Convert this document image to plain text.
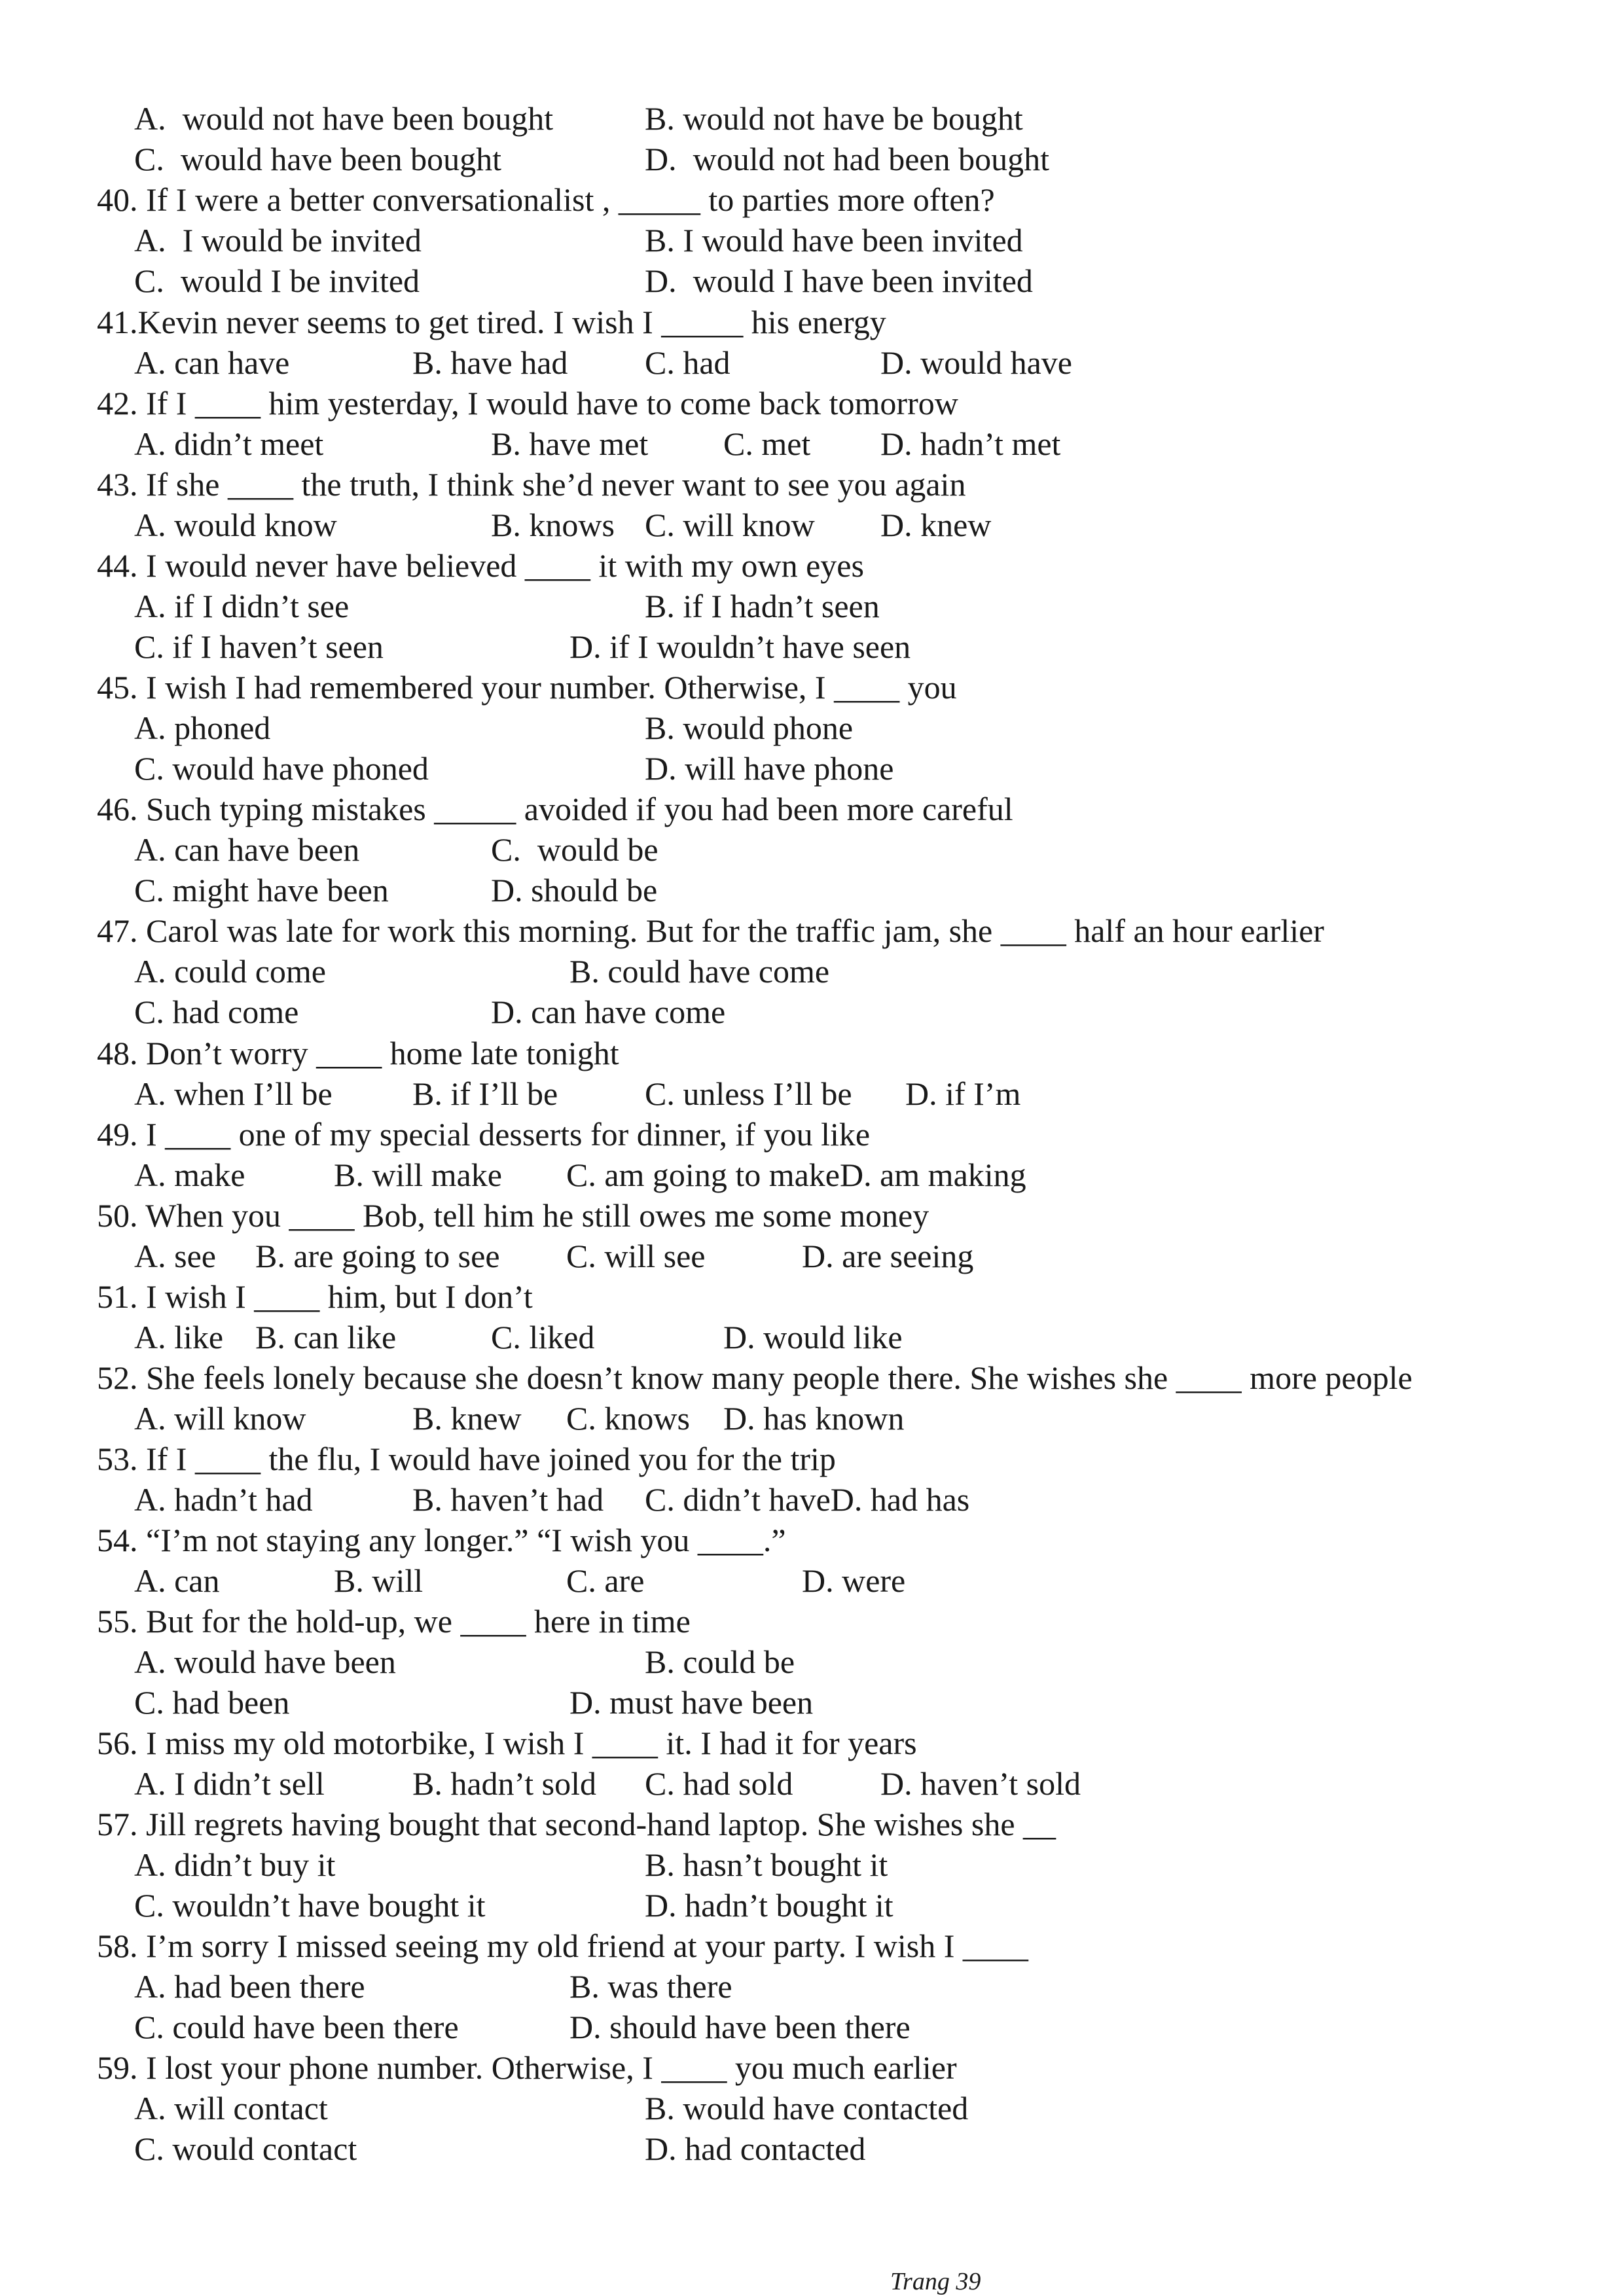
A.  would not have been bought	B. would not have be bought
C.  would have been bought	D.  would not had been bought
40. If I were a better conversationalist , _____ to parties more often?
A.  I would be invited	B. I would have been invited
C.  would I be invited	D.  would I have been invited
41.Kevin never seems to get tired. I wish I _____ his energy
A. can have	B. have had C. had	D. would have
42. If I ____ him yesterday, I would have to come back tomorrow
A. didn’t meet	B. have met C. met D. hadn’t met
43. If she ____ the truth, I think she’d never want to see you again
A. would know	B. knows C. will know D. knew
44. I would never have believed ____ it with my own eyes
A. if I didn’t see	B. if I hadn’t seen
C. if I haven’t seen	D. if I wouldn’t have seen
45. I wish I had remembered your number. Otherwise, I ____ you
A. phoned	B. would phone
C. would have phoned	D. will have phone
46. Such typing mistakes _____ avoided if you had been more careful
A. can have been	C.  would be
C. might have been	D. should be
47. Carol was late for work this morning. But for the traffic jam, she ____ half an hour earlier
A. could come	B. could have come
C. had come	D. can have come
48. Don’t worry ____ home late tonight
A. when I’ll be B. if I’ll be	C. unless I’ll be D. if I’m
49. I ____ one of my special desserts for dinner, if you like
A. make	B. will make C. am going to makeD. am making
50. When you ____ Bob, tell him he still owes me some money
A. see B. are going to see C. will see	D. are seeing
51. I wish I ____ him, but I don’t
A. like B. can like	C. liked	D. would like
52. She feels lonely because she doesn’t know many people there. She wishes she ____ more people
A. will know	B. knew C. knows D. has known
53. If I ____ the flu, I would have joined you for the trip
A. hadn’t had	B. haven’t had C. didn’t haveD. had has
54. “I’m not staying any longer.” “I wish you ____.”
A. can	B. will	C. are	D. were
55. But for the hold-up, we ____ here in time
A. would have been	B. could be
C. had been	D. must have been
56. I miss my old motorbike, I wish I ____ it. I had it for years
A. I didn’t sell	B. hadn’t sold C. had sold	D. haven’t sold
57. Jill regrets having bought that second-hand laptop. She wishes she __
A. didn’t buy it	B. hasn’t bought it
C. wouldn’t have bought it	D. hadn’t bought it
58. I’m sorry I missed seeing my old friend at your party. I wish I ____
A. had been there	B. was there
C. could have been there	D. should have been there
59. I lost your phone number. Otherwise, I ____ you much earlier
A. will contact	B. would have contacted
C. would contact	D. had contacted
Trang 39
